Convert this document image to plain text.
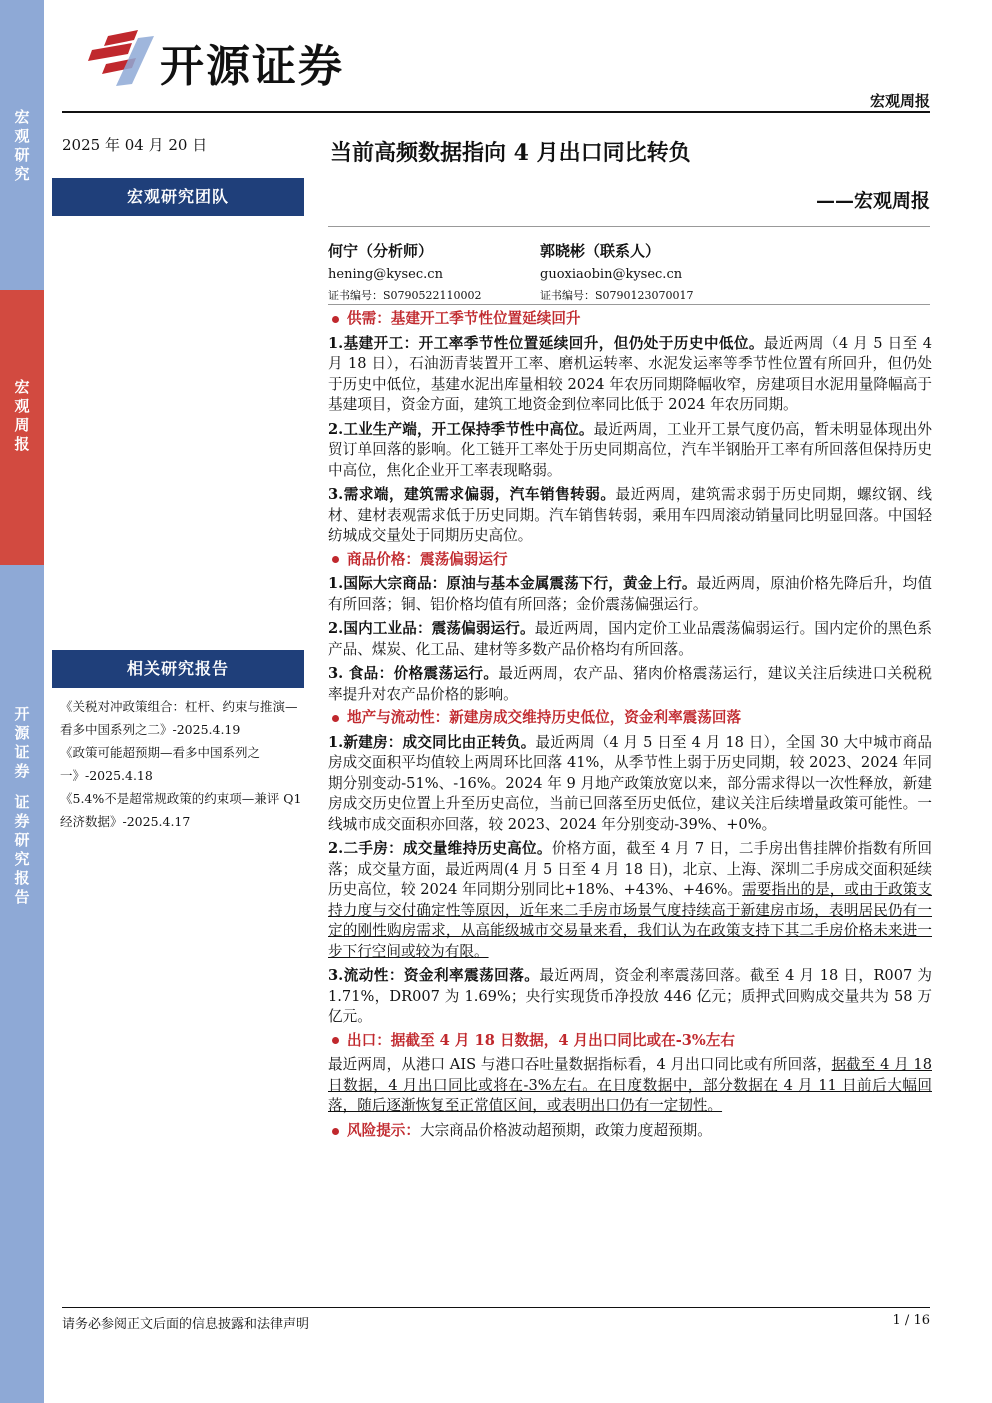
宏
观
研
究
宏
观
周
报
开
源
证
券

证
券
研
究
报
告
开源证券
宏观周报
2025 年 04 月 20 日
宏观研究团队
当前高频数据指向 4 月出口同比转负
——宏观周报
何宁（分析师）
hening@kysec.cn
证书编号：S0790522110002
郭晓彬（联系人）
guoxiaobin@kysec.cn
证书编号：S0790123070017
相关研究报告
《关税对冲政策组合：杠杆、约束与推演—看多中国系列之二》-2025.4.19
《政策可能超预期—看多中国系列之一》-2025.4.18
《5.4%不是超常规政策的约束项—兼评 Q1 经济数据》-2025.4.17
供需：基建开工季节性位置延续回升
1.基建开工：开工率季节性位置延续回升，但仍处于历史中低位。最近两周（4 月 5 日至 4 月 18 日），石油沥青装置开工率、磨机运转率、水泥发运率等季节性位置有所回升，但仍处于历史中低位，基建水泥出库量相较 2024 年农历同期降幅收窄，房建项目水泥用量降幅高于基建项目，资金方面，建筑工地资金到位率同比低于 2024 年农历同期。
2.工业生产端，开工保持季节性中高位。最近两周，工业开工景气度仍高，暂未明显体现出外贸订单回落的影响。化工链开工率处于历史同期高位，汽车半钢胎开工率有所回落但保持历史中高位，焦化企业开工率表现略弱。
3.需求端，建筑需求偏弱，汽车销售转弱。最近两周，建筑需求弱于历史同期，螺纹钢、线材、建材表观需求低于历史同期。汽车销售转弱，乘用车四周滚动销量同比明显回落。中国轻纺城成交量处于同期历史高位。
商品价格：震荡偏弱运行
1.国际大宗商品：原油与基本金属震荡下行，黄金上行。最近两周，原油价格先降后升，均值有所回落；铜、铝价格均值有所回落；金价震荡偏强运行。
2.国内工业品：震荡偏弱运行。最近两周，国内定价工业品震荡偏弱运行。国内定价的黑色系产品、煤炭、化工品、建材等多数产品价格均有所回落。
3. 食品：价格震荡运行。最近两周，农产品、猪肉价格震荡运行，建议关注后续进口关税税率提升对农产品价格的影响。
地产与流动性：新建房成交维持历史低位，资金利率震荡回落
1.新建房：成交同比由正转负。最近两周（4 月 5 日至 4 月 18 日），全国 30 大中城市商品房成交面积平均值较上两周环比回落 41%，从季节性上弱于历史同期，较 2023、2024 年同期分别变动-51%、-16%。2024 年 9 月地产政策放宽以来，部分需求得以一次性释放，新建房成交历史位置上升至历史高位，当前已回落至历史低位，建议关注后续增量政策可能性。一线城市成交面积亦回落，较 2023、2024 年分别变动-39%、+0%。
2.二手房：成交量维持历史高位。价格方面，截至 4 月 7 日，二手房出售挂牌价指数有所回落；成交量方面，最近两周(4 月 5 日至 4 月 18 日)，北京、上海、深圳二手房成交面积延续历史高位，较 2024 年同期分别同比+18%、+43%、+46%。需要指出的是，或由于政策支持力度与交付确定性等原因，近年来二手房市场景气度持续高于新建房市场，表明居民仍有一定的刚性购房需求，从高能级城市交易量来看，我们认为在政策支持下其二手房价格未来进一步下行空间或较为有限。
3.流动性：资金利率震荡回落。最近两周，资金利率震荡回落。截至 4 月 18 日，R007 为 1.71%，DR007 为 1.69%；央行实现货币净投放 446 亿元；质押式回购成交量共为 58 万亿元。
出口：据截至 4 月 18 日数据，4 月出口同比或在-3%左右
最近两周，从港口 AIS 与港口吞吐量数据指标看，4 月出口同比或有所回落，据截至 4 月 18 日数据，4 月出口同比或将在-3%左右。在日度数据中，部分数据在 4 月 11 日前后大幅回落，随后逐渐恢复至正常值区间，或表明出口仍有一定韧性。
风险提示：大宗商品价格波动超预期，政策力度超预期。
请务必参阅正文后面的信息披露和法律声明	1 / 16
